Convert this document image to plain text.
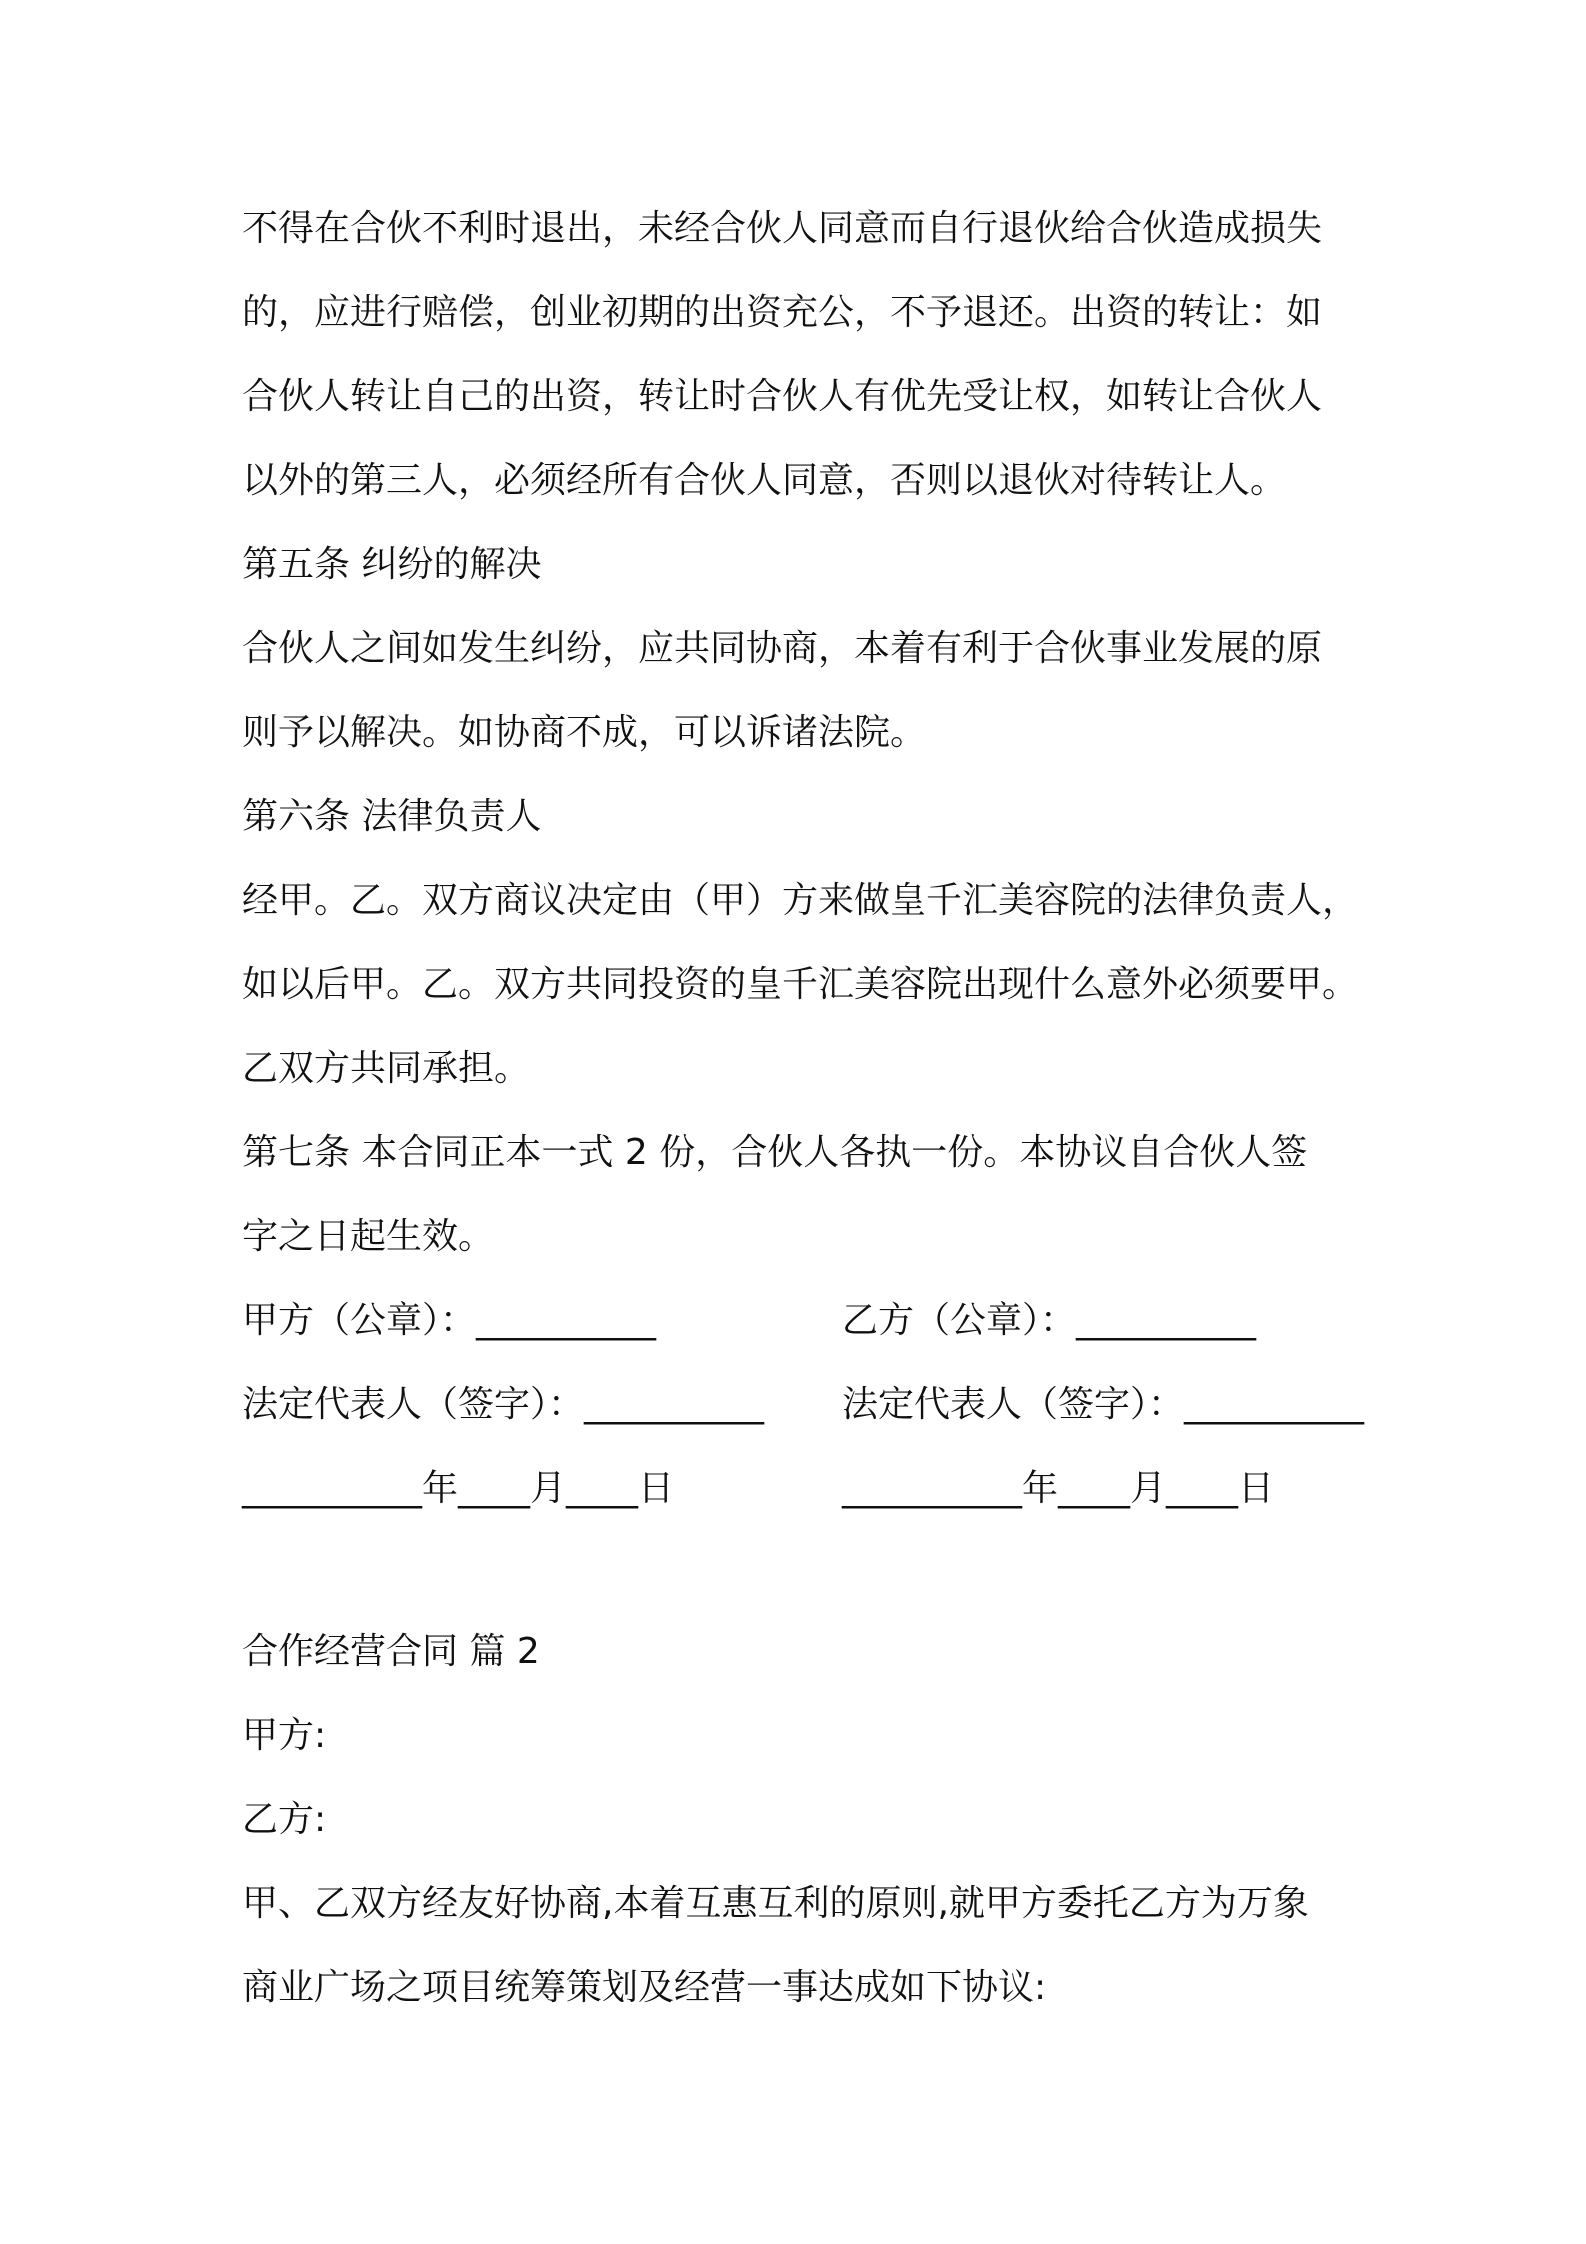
不得在合伙不利时退出，未经合伙人同意而自行退伙给合伙造成损失
的，应进行赔偿，创业初期的出资充公，不予退还。出资的转让：如
合伙人转让自己的出资，转让时合伙人有优先受让权，如转让合伙人
以外的第三人，必须经所有合伙人同意，否则以退伙对待转让人。
第五条 纠纷的解决
合伙人之间如发生纠纷，应共同协商，本着有利于合伙事业发展的原
则予以解决。如协商不成，可以诉诸法院。
第六条 法律负责人
经甲。乙。双方商议决定由（甲）方来做皇千汇美容院的法律负责人，
如以后甲。乙。双方共同投资的皇千汇美容院出现什么意外必须要甲。
乙双方共同承担。
第七条 本合同正本一式 2 份，合伙人各执一份。本协议自合伙人签
字之日起生效。
甲方（公章）：__________	乙方（公章）：__________
法定代表人（签字）：__________ 法定代表人（签字）：__________
__________年____月____日	__________年____月____日
合作经营合同 篇 2
甲方:
乙方:
甲、乙双方经友好协商,本着互惠互利的原则,就甲方委托乙方为万象
商业广场之项目统筹策划及经营一事达成如下协议:
